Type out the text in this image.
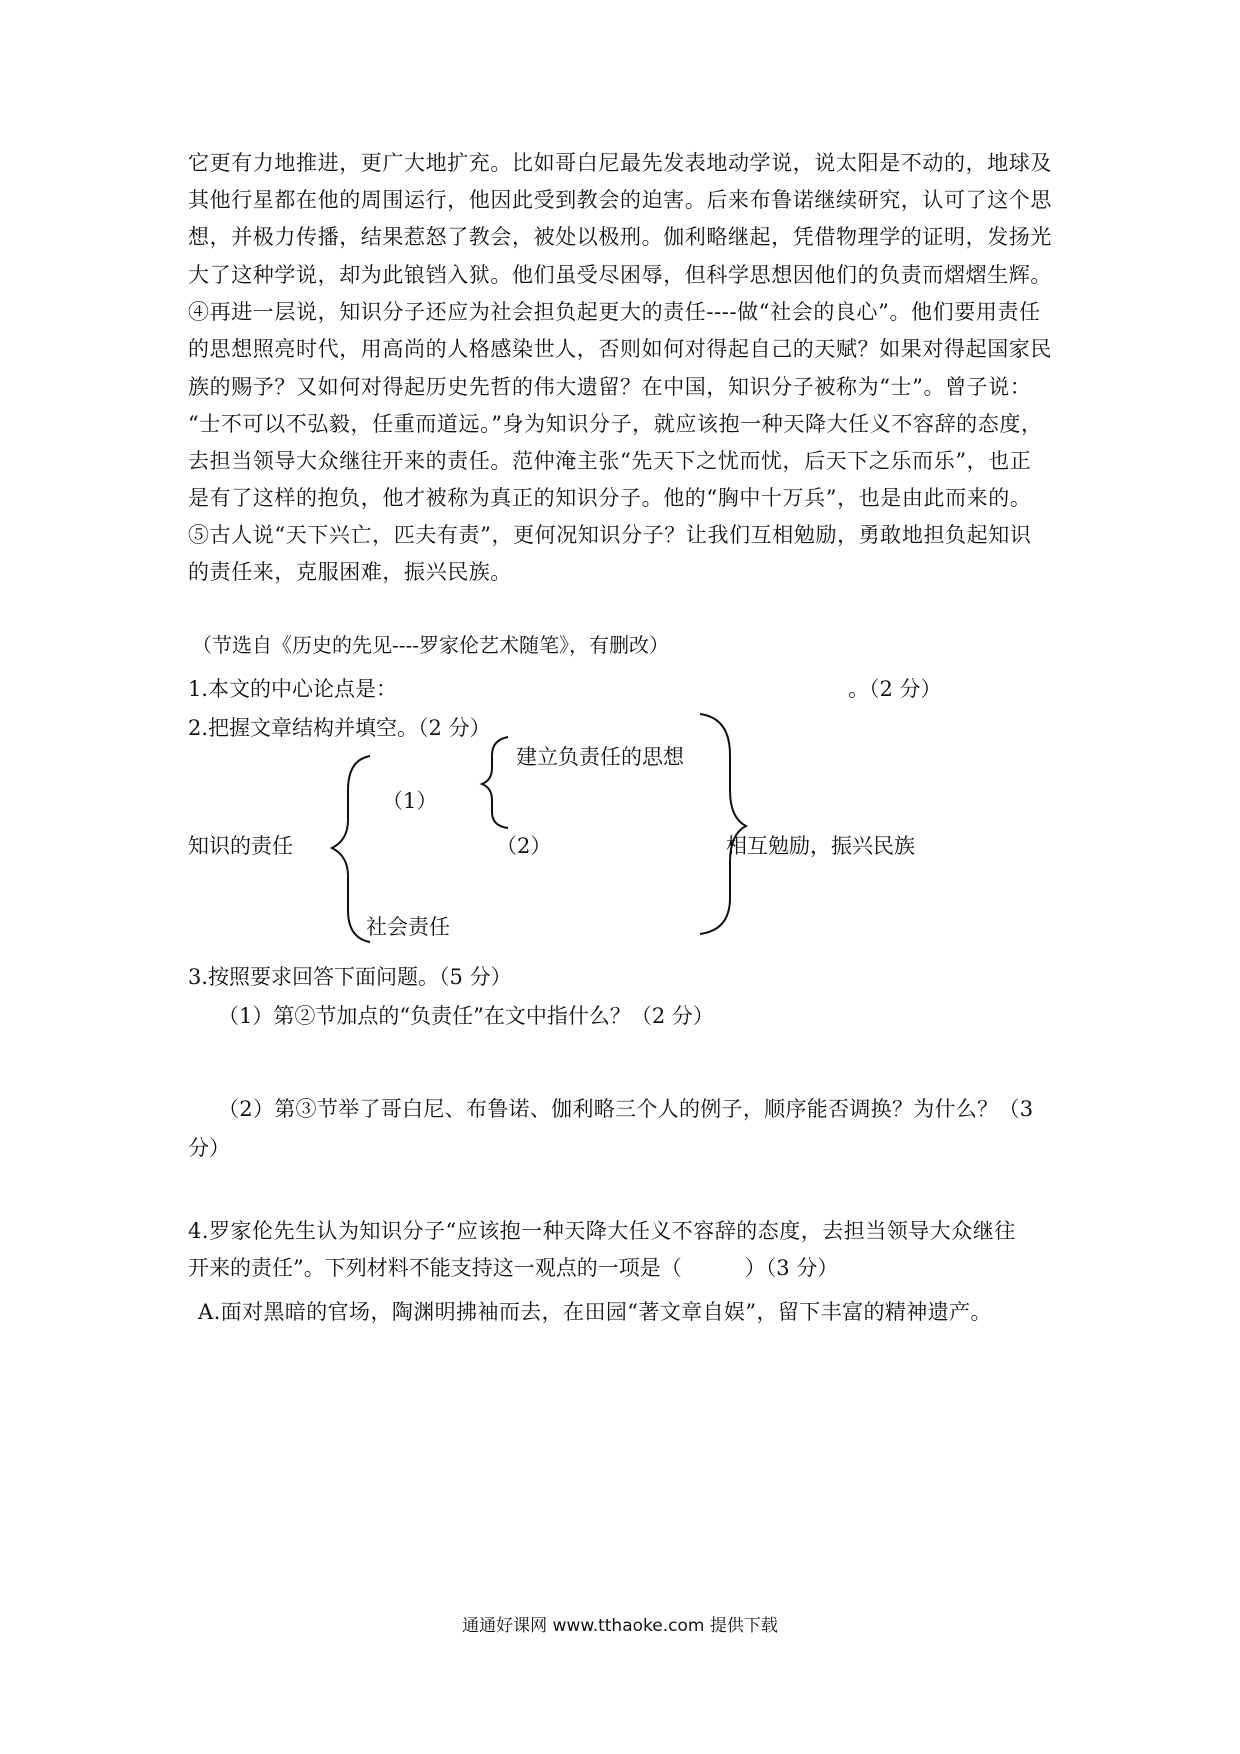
它更有力地推进，更广大地扩充。比如哥白尼最先发表地动学说，说太阳是不动的，地球及
其他行星都在他的周围运行，他因此受到教会的迫害。后来布鲁诺继续研究，认可了这个思
想，并极力传播，结果惹怒了教会，被处以极刑。伽利略继起，凭借物理学的证明，发扬光
大了这种学说，却为此锒铛入狱。他们虽受尽困辱，但科学思想因他们的负责而熠熠生辉。
④再进一层说，知识分子还应为社会担负起更大的责任----做“社会的良心”。他们要用责任
的思想照亮时代，用高尚的人格感染世人，否则如何对得起自己的天赋？如果对得起国家民
族的赐予？又如何对得起历史先哲的伟大遗留？在中国，知识分子被称为“士”。曾子说：
“士不可以不弘毅，任重而道远。”身为知识分子，就应该抱一种天降大任义不容辞的态度，
去担当领导大众继往开来的责任。范仲淹主张“先天下之忧而忧，后天下之乐而乐”，也正
是有了这样的抱负，他才被称为真正的知识分子。他的“胸中十万兵”，也是由此而来的。
⑤古人说“天下兴亡，匹夫有责”，更何况知识分子？让我们互相勉励，勇敢地担负起知识
的责任来，克服困难，振兴民族。
（节选自《历史的先见----罗家伦艺术随笔》，有删改）
1.本文的中心论点是：	。（2 分）
2.把握文章结构并填空。（2 分）
知识的责任
（1）
建立负责任的思想
（2）	相互勉励，振兴民族
社会责任
3.按照要求回答下面问题。（5 分）
（1）第②节加点的“负责任”在文中指什么？（2 分）
（2）第③节举了哥白尼、布鲁诺、伽利略三个人的例子，顺序能否调换？为什么？（3
分）
4.罗家伦先生认为知识分子“应该抱一种天降大任义不容辞的态度，去担当领导大众继往
开来的责任”。下列材料不能支持这一观点的一项是（　　　）（3 分）
A.面对黑暗的官场，陶渊明拂袖而去，在田园“著文章自娱”，留下丰富的精神遗产。
通通好课网 www.tthaoke.com 提供下载
